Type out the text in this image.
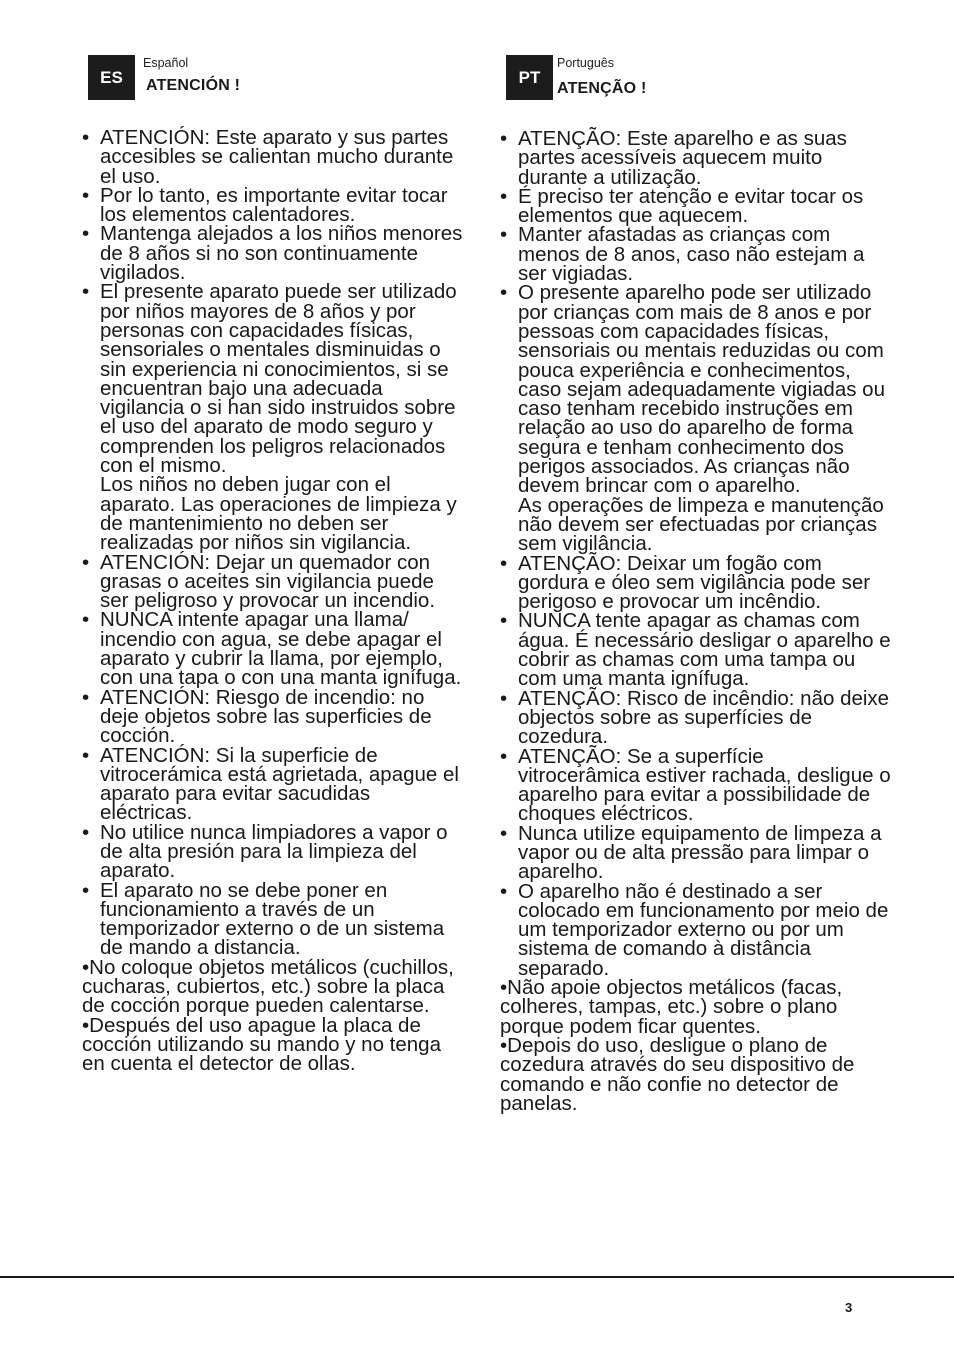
ES
Español
ATENCIÓN !
• ATENCIÓN: Este aparato y sus partes accesibles se calientan mucho durante el uso.
• Por lo tanto, es importante evitar tocar los elementos calentadores.
• Mantenga alejados a los niños menores de 8 años si no son continuamente vigilados.
• El presente aparato puede ser utilizado por niños mayores de 8 años y por personas con capacidades físicas, sensoriales o mentales disminuidas o sin experiencia ni conocimientos, si se encuentran bajo una adecuada vigilancia o si han sido instruidos sobre el uso del aparato de modo seguro y comprenden los peligros relacionados con el mismo.
Los niños no deben jugar con el aparato. Las operaciones de limpieza y de mantenimiento no deben ser realizadas por niños sin vigilancia.
• ATENCIÓN: Dejar un quemador con grasas o aceites sin vigilancia puede ser peligroso y provocar un incendio.
• NUNCA intente apagar una llama/ incendio con agua, se debe apagar el aparato y cubrir la llama, por ejemplo, con una tapa o con una manta ignífuga.
• ATENCIÓN: Riesgo de incendio: no deje objetos sobre las superficies de cocción.
• ATENCIÓN: Si la superficie de vitrocerámica está agrietada, apague el aparato para evitar sacudidas eléctricas.
• No utilice nunca limpiadores a vapor o de alta presión para la limpieza del aparato.
• El aparato no se debe poner en funcionamiento a través de un temporizador externo o de un sistema de mando a distancia.
•No coloque objetos metálicos (cuchillos, cucharas, cubiertos, etc.) sobre la placa de cocción porque pueden calentarse.
•Después del uso apague la placa de cocción utilizando su mando y no tenga en cuenta el detector de ollas.
PT
Português
ATENÇÃO !
• ATENÇÃO: Este aparelho e as suas partes acessíveis aquecem muito durante a utilização.
• É preciso ter atenção e evitar tocar os elementos que aquecem.
• Manter afastadas as crianças com menos de 8 anos, caso não estejam a ser vigiadas.
• O presente aparelho pode ser utilizado por crianças com mais de 8 anos e por pessoas com capacidades físicas, sensoriais ou mentais reduzidas ou com pouca experiência e conhecimentos, caso sejam adequadamente vigiadas ou caso tenham recebido instruções em relação ao uso do aparelho de forma segura e tenham conhecimento dos perigos associados. As crianças não devem brincar com o aparelho.
As operações de limpeza e manutenção não devem ser efectuadas por crianças sem vigilância.
• ATENÇÃO: Deixar um fogão com gordura e óleo sem vigilância pode ser perigoso e provocar um incêndio.
• NUNCA tente apagar as chamas com água. É necessário desligar o aparelho e cobrir as chamas com uma tampa ou com uma manta ignífuga.
• ATENÇÃO: Risco de incêndio: não deixe objectos sobre as superfícies de cozedura.
• ATENÇÃO: Se a superfície vitrocerâmica estiver rachada, desligue o aparelho para evitar a possibilidade de choques eléctricos.
• Nunca utilize equipamento de limpeza a vapor ou de alta pressão para limpar o aparelho.
• O aparelho não é destinado a ser colocado em funcionamento por meio de um temporizador externo ou por um sistema de comando à distância separado.
•Não apoie objectos metálicos (facas, colheres, tampas, etc.) sobre o plano porque podem ficar quentes.
•Depois do uso, desligue o plano de cozedura através do seu dispositivo de comando e não confie no detector de panelas.
3
